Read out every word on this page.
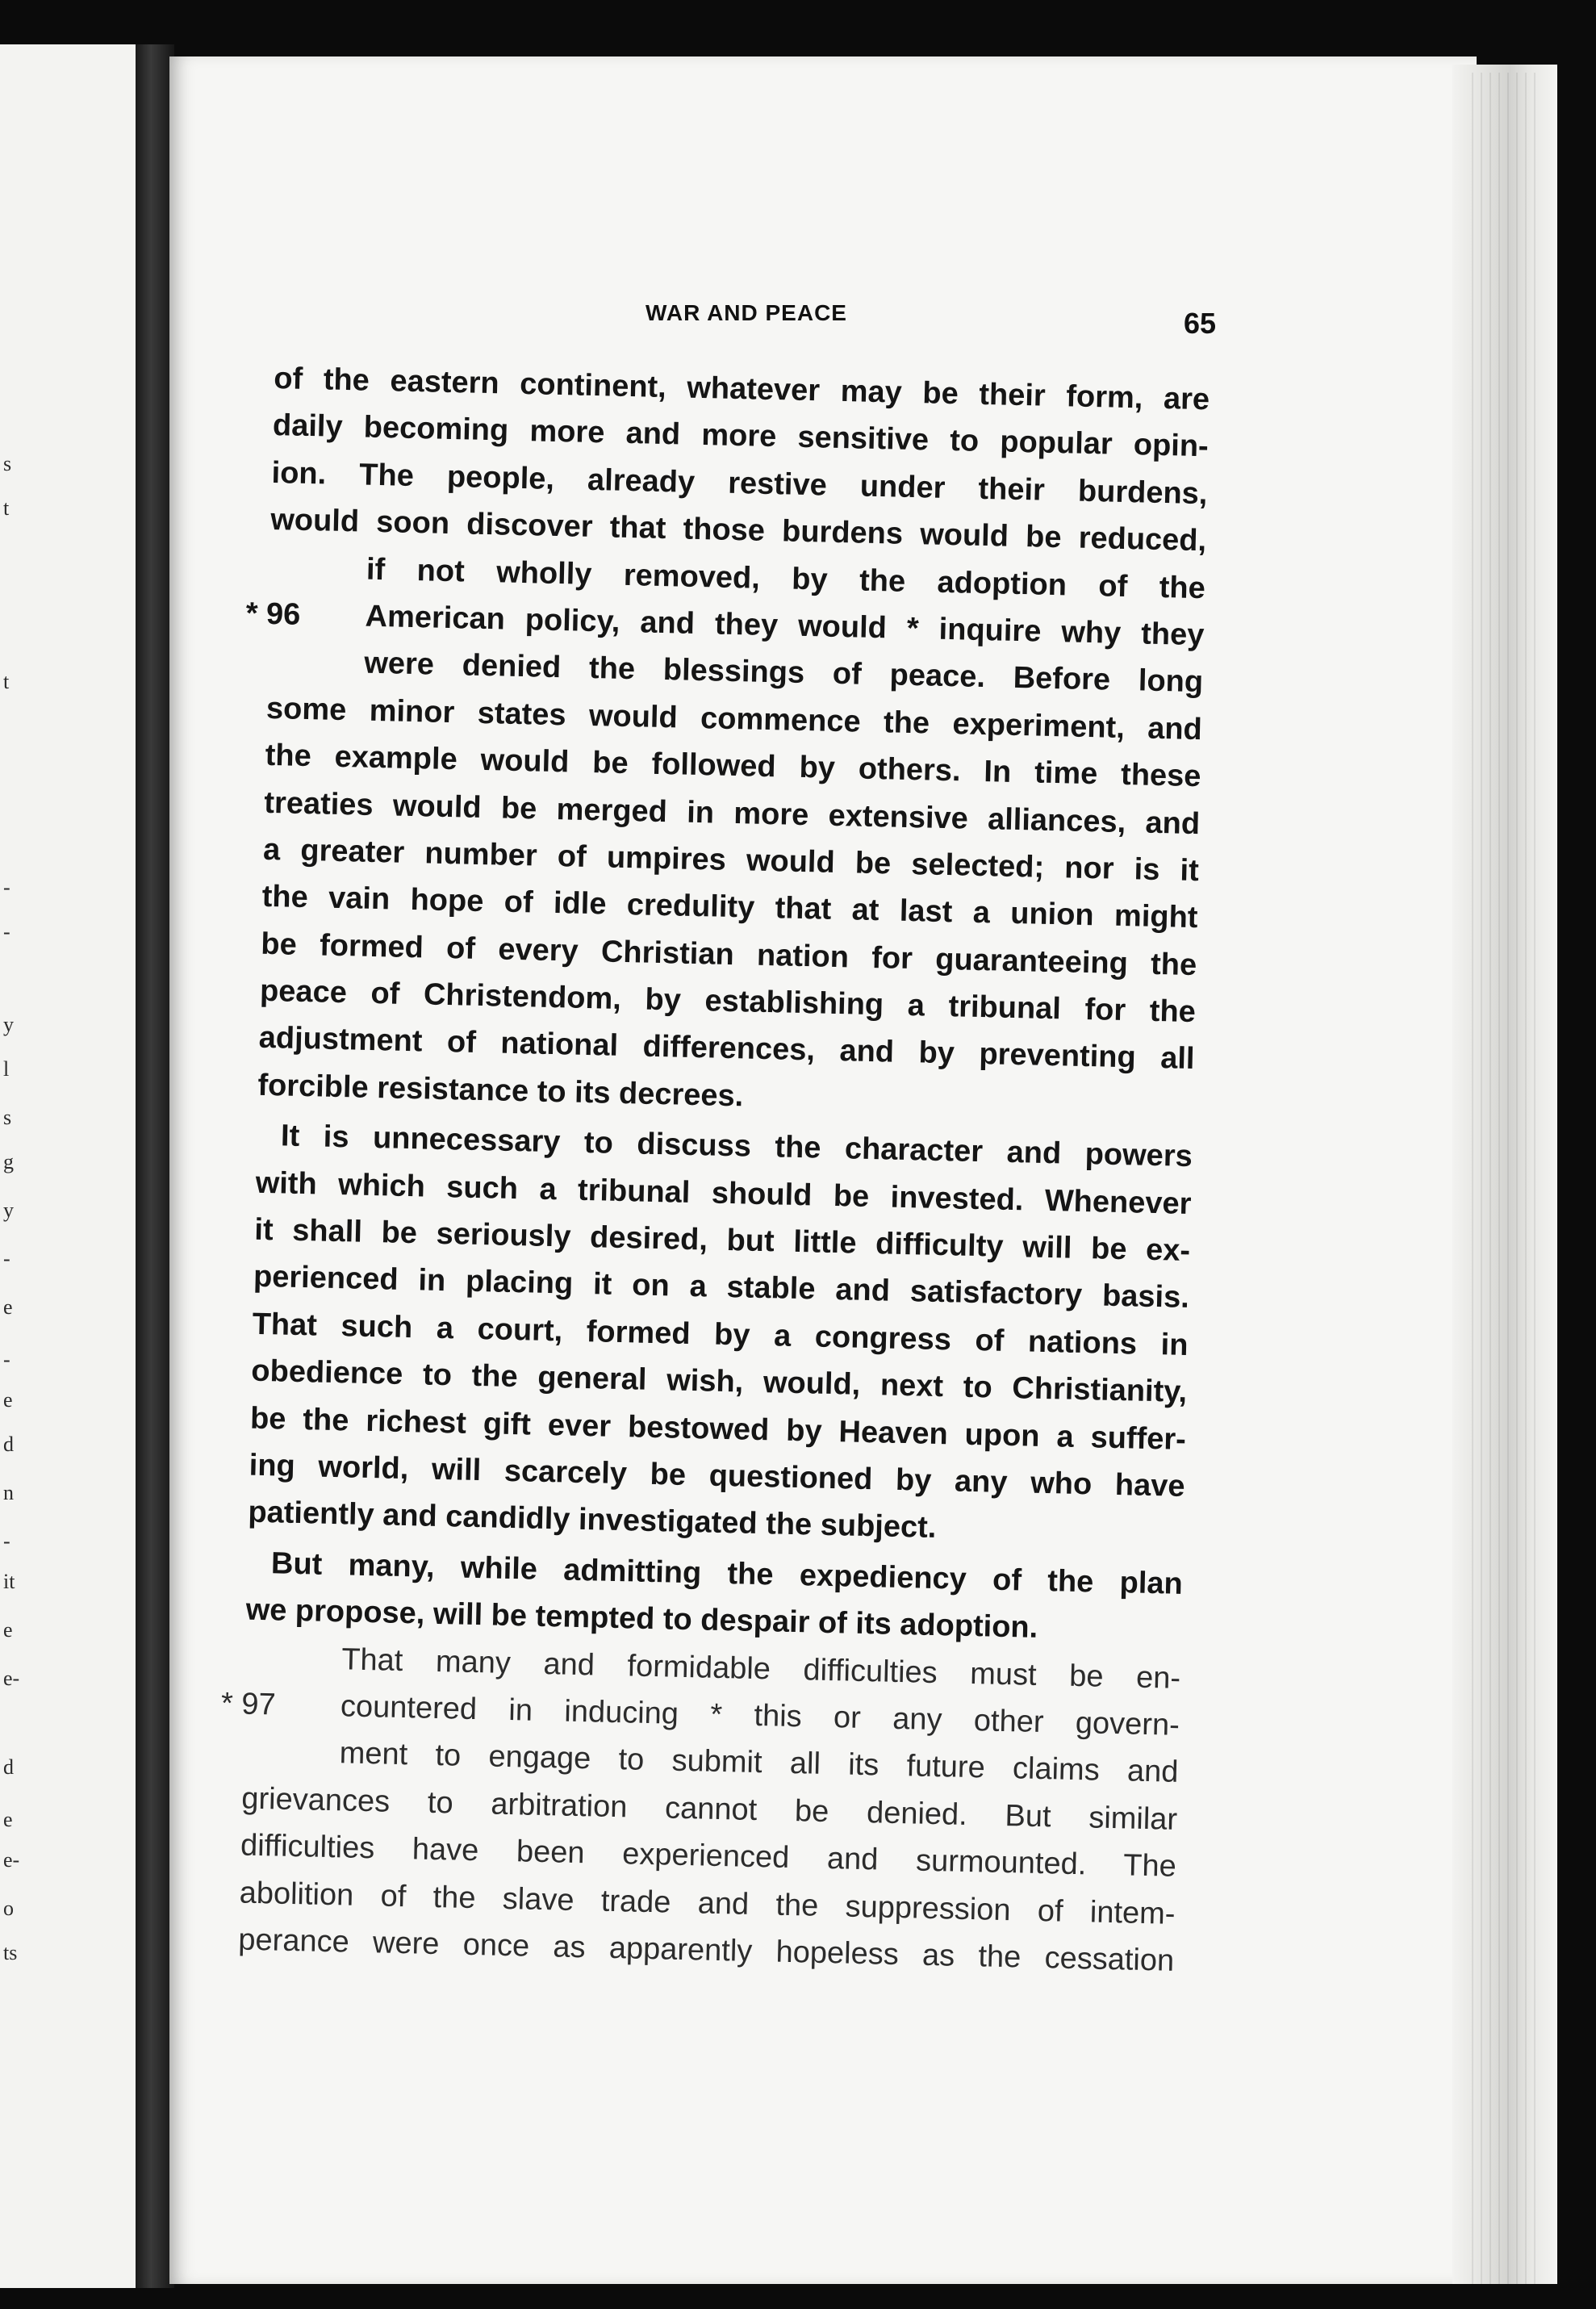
s
t
t
-
-
y
l
s
g
y
-
e
-
e
d
n
-
it
e
e-
d
e
e-
o
ts
WAR AND PEACE	65
of the eastern continent, whatever may be their form, are
daily becoming more and more sensitive to popular opin-
ion. The people, already restive under their burdens,
would soon discover that those burdens would be reduced,
if not wholly removed, by the adoption of the
* 96	American policy, and they would * inquire why they
were denied the blessings of peace. Before long
some minor states would commence the experiment, and
the example would be followed by others. In time these
treaties would be merged in more extensive alliances, and
a greater number of umpires would be selected; nor is it
the vain hope of idle credulity that at last a union might
be formed of every Christian nation for guaranteeing the
peace of Christendom, by establishing a tribunal for the
adjustment of national differences, and by preventing all
forcible resistance to its decrees.
It is unnecessary to discuss the character and powers
with which such a tribunal should be invested. Whenever
it shall be seriously desired, but little difficulty will be ex-
perienced in placing it on a stable and satisfactory basis.
That such a court, formed by a congress of nations in
obedience to the general wish, would, next to Christianity,
be the richest gift ever bestowed by Heaven upon a suffer-
ing world, will scarcely be questioned by any who have
patiently and candidly investigated the subject.
But many, while admitting the expediency of the plan
we propose, will be tempted to despair of its adoption.
That many and formidable difficulties must be en-
* 97	countered in inducing * this or any other govern-
ment to engage to submit all its future claims and
grievances to arbitration cannot be denied. But similar
difficulties have been experienced and surmounted. The
abolition of the slave trade and the suppression of intem-
perance were once as apparently hopeless as the cessation
